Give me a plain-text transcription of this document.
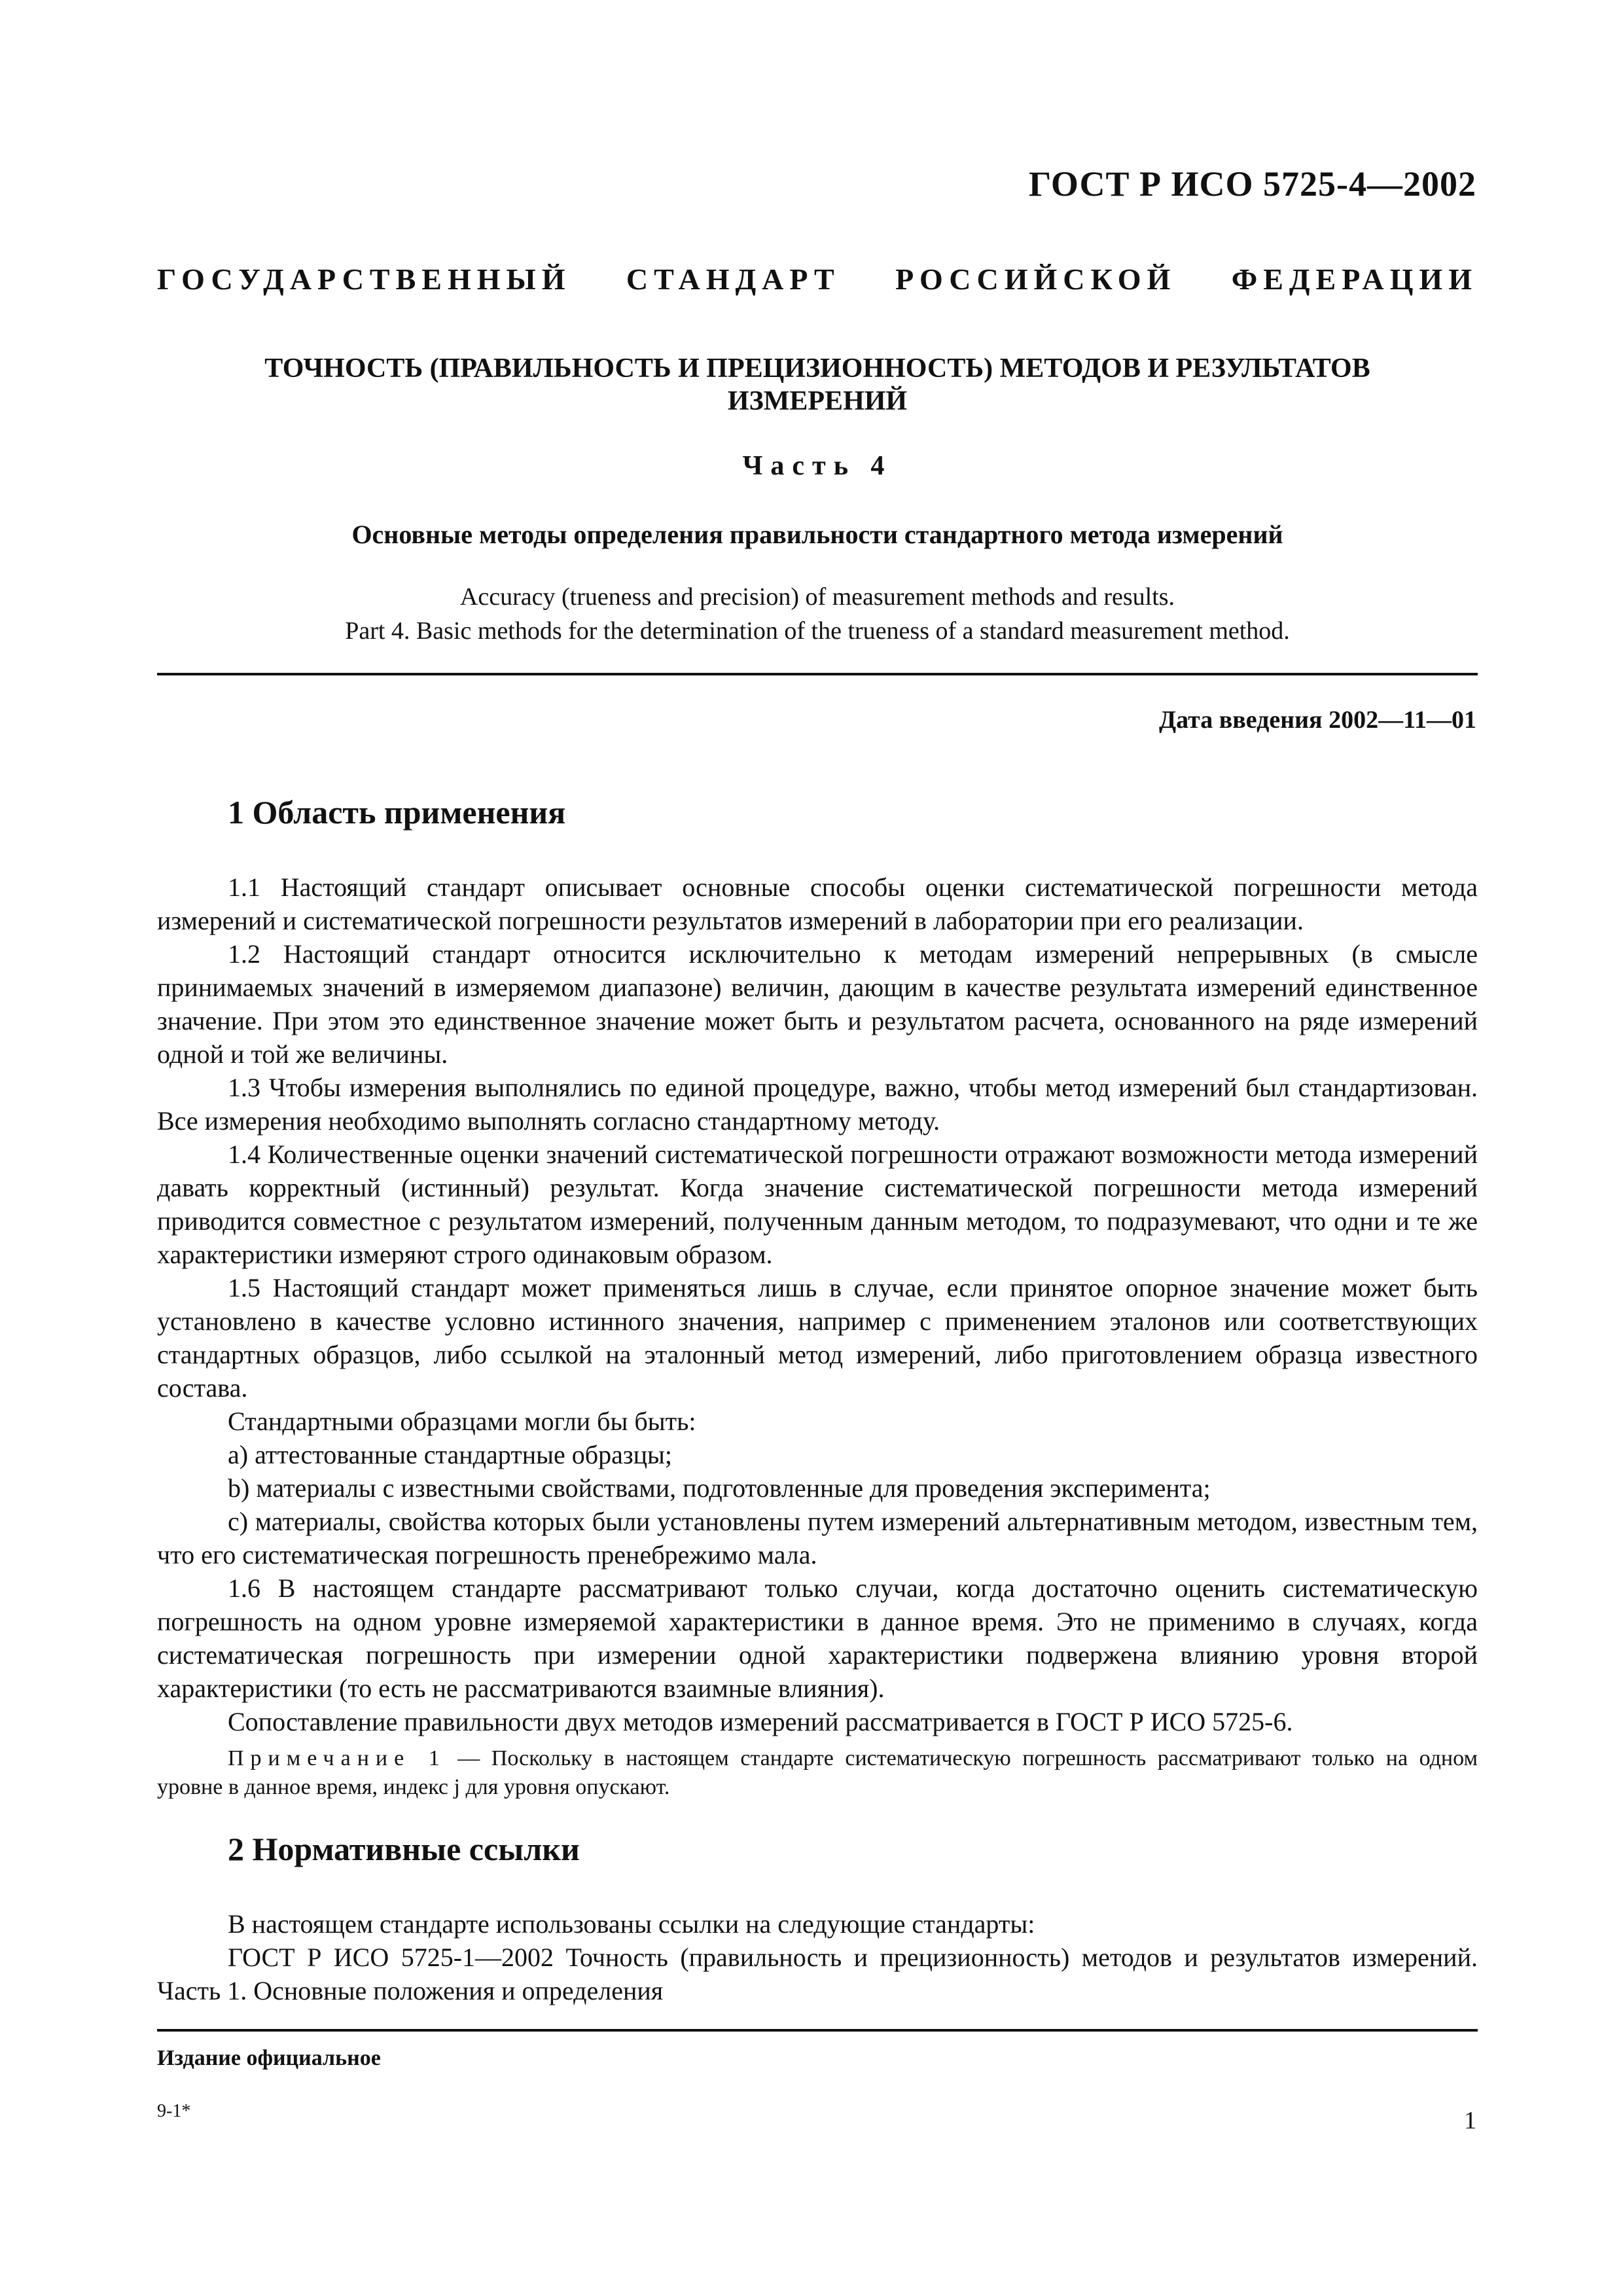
ГОСТ Р ИСО 5725-4—2002
ГОСУДАРСТВЕННЫЙ СТАНДАРТ РОССИЙСКОЙ ФЕДЕРАЦИИ
ТОЧНОСТЬ (ПРАВИЛЬНОСТЬ И ПРЕЦИЗИОННОСТЬ) МЕТОДОВ И РЕЗУЛЬТАТОВ
ИЗМЕРЕНИЙ
Часть 4
Основные методы определения правильности стандартного метода измерений
Accuracy (trueness and precision) of measurement methods and results.
Part 4. Basic methods for the determination of the trueness of a standard measurement method.
Дата введения 2002—11—01
1 Область применения

1.1 Настоящий стандарт описывает основные способы оценки систематической погрешности метода измерений и систематической погрешности результатов измерений в лаборатории при его реализации.

1.2 Настоящий стандарт относится исключительно к методам измерений непрерывных (в смысле принимаемых значений в измеряемом диапазоне) величин, дающим в качестве результата измерений единственное значение. При этом это единственное значение может быть и результатом расчета, основанного на ряде измерений одной и той же величины.

1.3 Чтобы измерения выполнялись по единой процедуре, важно, чтобы метод измерений был стандартизован. Все измерения необходимо выполнять согласно стандартному методу.

1.4 Количественные оценки значений систематической погрешности отражают возможности метода измерений давать корректный (истинный) результат. Когда значение систематической погрешности метода измерений приводится совместное с результатом измерений, полученным данным методом, то подразумевают, что одни и те же характеристики измеряют строго одинаковым образом.

1.5 Настоящий стандарт может применяться лишь в случае, если принятое опорное значение может быть установлено в качестве условно истинного значения, например с применением эталонов или соответствующих стандартных образцов, либо ссылкой на эталонный метод измерений, либо приготовлением образца известного состава.

Стандартными образцами могли бы быть:

a) аттестованные стандартные образцы;

b) материалы с известными свойствами, подготовленные для проведения эксперимента;

c) материалы, свойства которых были установлены путем измерений альтернативным методом, известным тем, что его систематическая погрешность пренебрежимо мала.

1.6 В настоящем стандарте рассматривают только случаи, когда достаточно оценить систематическую погрешность на одном уровне измеряемой характеристики в данное время. Это не применимо в случаях, когда систематическая погрешность при измерении одной характеристики подвержена влиянию уровня второй характеристики (то есть не рассматриваются взаимные влияния).

Сопоставление правильности двух методов измерений рассматривается в ГОСТ Р ИСО 5725-6.

Примечание 1 — Поскольку в настоящем стандарте систематическую погрешность рассматривают только на одном уровне в данное время, индекс j для уровня опускают.
2 Нормативные ссылки

В настоящем стандарте использованы ссылки на следующие стандарты:

ГОСТ Р ИСО 5725-1—2002 Точность (правильность и прецизионность) методов и результатов измерений. Часть 1. Основные положения и определения

Издание официальное
9-1*	1
